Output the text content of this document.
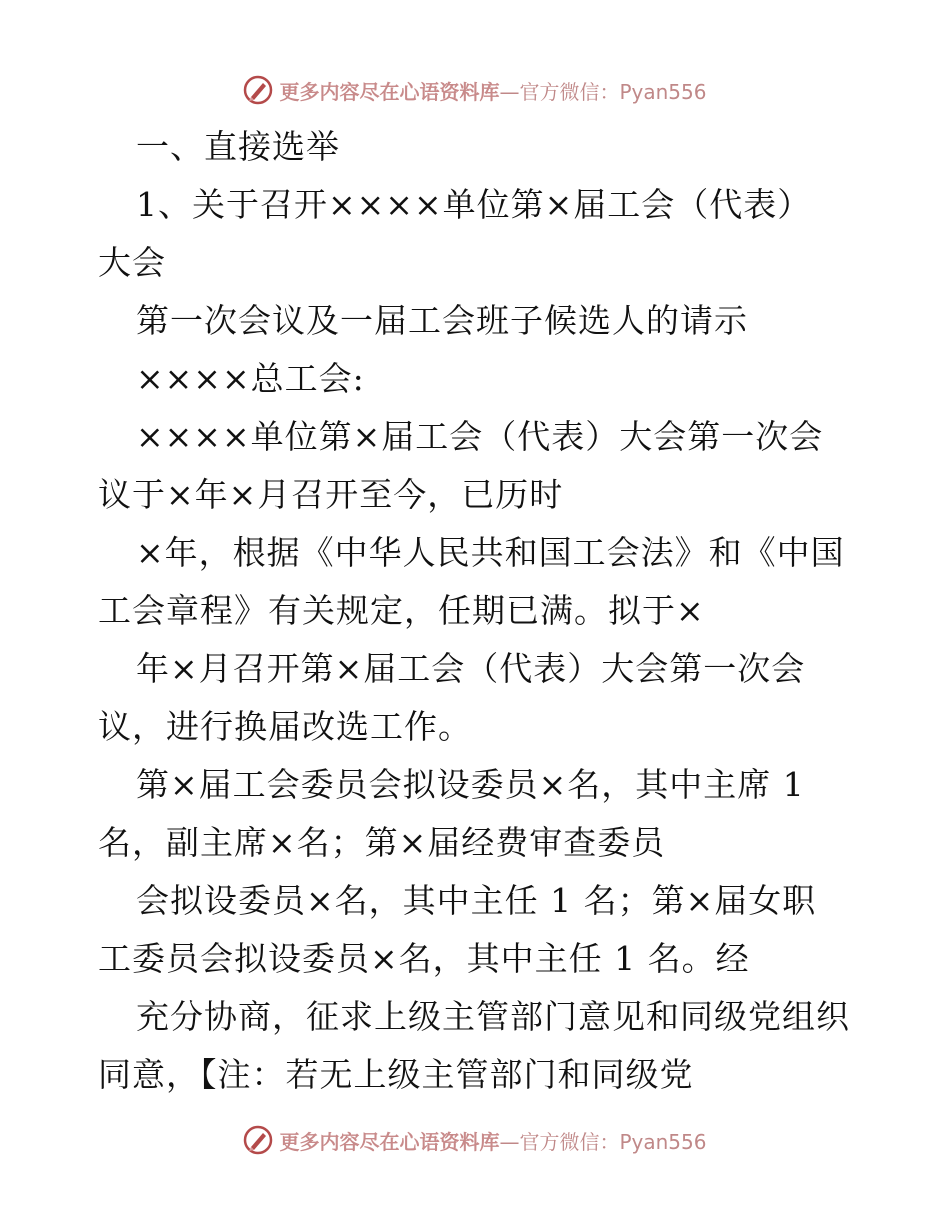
更多内容尽在心语资料库 —官方微信：Pyan556
一、直接选举
1、关于召开××××单位第×届工会（代表）
大会
第一次会议及一届工会班子候选人的请示
××××总工会:
××××单位第×届工会（代表）大会第一次会
议于×年×月召开至今，已历时
×年，根据《中华人民共和国工会法》和《中国
工会章程》有关规定，任期已满。拟于×
年×月召开第×届工会（代表）大会第一次会
议，进行换届改选工作。
第×届工会委员会拟设委员×名，其中主席 1
名，副主席×名；第×届经费审查委员
会拟设委员×名，其中主任 1 名；第×届女职
工委员会拟设委员×名，其中主任 1 名。经
充分协商，征求上级主管部门意见和同级党组织
同意，【注：若无上级主管部门和同级党
更多内容尽在心语资料库 —官方微信：Pyan556
